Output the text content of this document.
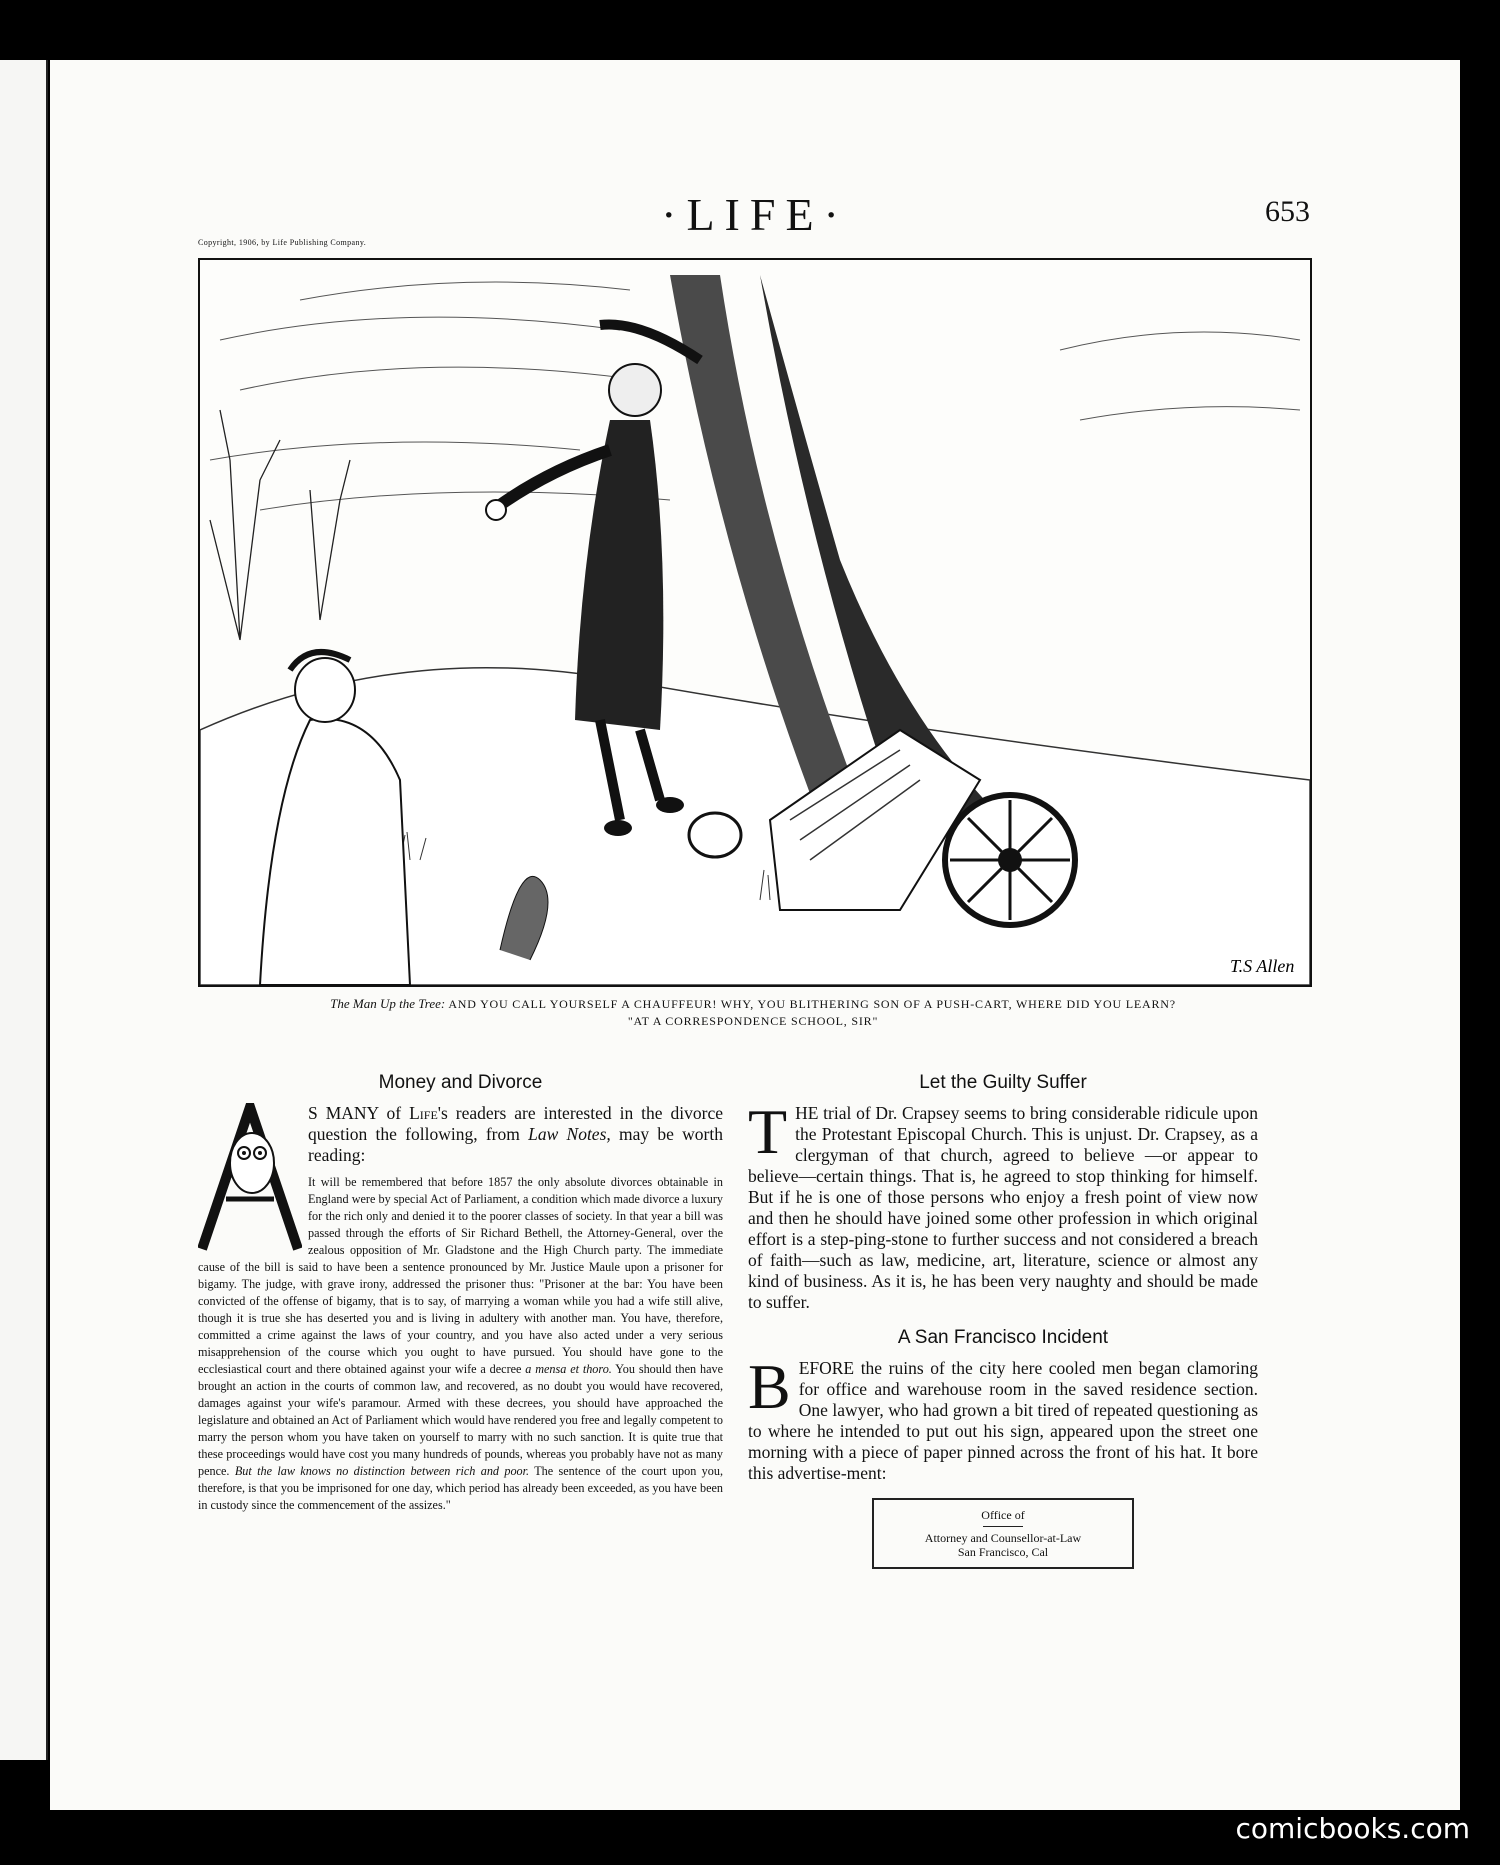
·LIFE·	653
Copyright, 1906, by Life Publishing Company.
T.S Allen
The Man Up the Tree: AND YOU CALL YOURSELF A CHAUFFEUR! WHY, YOU BLITHERING SON OF A PUSH-CART, WHERE DID YOU LEARN?
"AT A CORRESPONDENCE SCHOOL, SIR"
Money and Divorce
A

S MANY of Life's readers are interested in the divorce question the following, from Law Notes, may be worth reading:

It will be remembered that before 1857 the only absolute divorces obtainable in England were by special Act of Parliament, a condition which made divorce a luxury for the rich only and denied it to the poorer classes of society. In that year a bill was passed through the efforts of Sir Richard Bethell, the Attorney-General, over the zealous opposition of Mr. Gladstone and the High Church party. The immediate cause of the bill is said to have been a sentence pronounced by Mr. Justice Maule upon a prisoner for bigamy. The judge, with grave irony, addressed the prisoner thus: "Prisoner at the bar: You have been convicted of the offense of bigamy, that is to say, of marrying a woman while you had a wife still alive, though it is true she has deserted you and is living in adultery with another man. You have, therefore, committed a crime against the laws of your country, and you have also acted under a very serious misapprehension of the course which you ought to have pursued. You should have gone to the ecclesiastical court and there obtained against your wife a decree a mensa et thoro. You should then have brought an action in the courts of common law, and recovered, as no doubt you would have recovered, damages against your wife's paramour. Armed with these decrees, you should have approached the legislature and obtained an Act of Parliament which would have rendered you free and legally competent to marry the person whom you have taken on yourself to marry with no such sanction. It is quite true that these proceedings would have cost you many hundreds of pounds, whereas you probably have not as many pence. But the law knows no distinction between rich and poor. The sentence of the court upon you, therefore, is that you be imprisoned for one day, which period has already been exceeded, as you have been in custody since the commencement of the assizes."

Let the Guilty Suffer

THE trial of Dr. Crapsey seems to bring considerable ridicule upon the Protestant Episcopal Church. This is unjust. Dr. Crapsey, as a clergyman of that church, agreed to believe —or appear to believe—certain things. That is, he agreed to stop thinking for himself. But if he is one of those persons who enjoy a fresh point of view now and then he should have joined some other profession in which original effort is a step-ping-stone to further success and not considered a breach of faith—such as law, medicine, art, literature, science or almost any kind of business. As it is, he has been very naughty and should be made to suffer.

A San Francisco Incident

BEFORE the ruins of the city here cooled men began clamoring for office and warehouse room in the saved residence section. One lawyer, who had grown a bit tired of repeated questioning as to where he intended to put out his sign, appeared upon the street one morning with a piece of paper pinned across the front of his hat. It bore this advertise-ment:

Office of
Attorney and Counsellor-at-Law
San Francisco, Cal
comicbooks.com
